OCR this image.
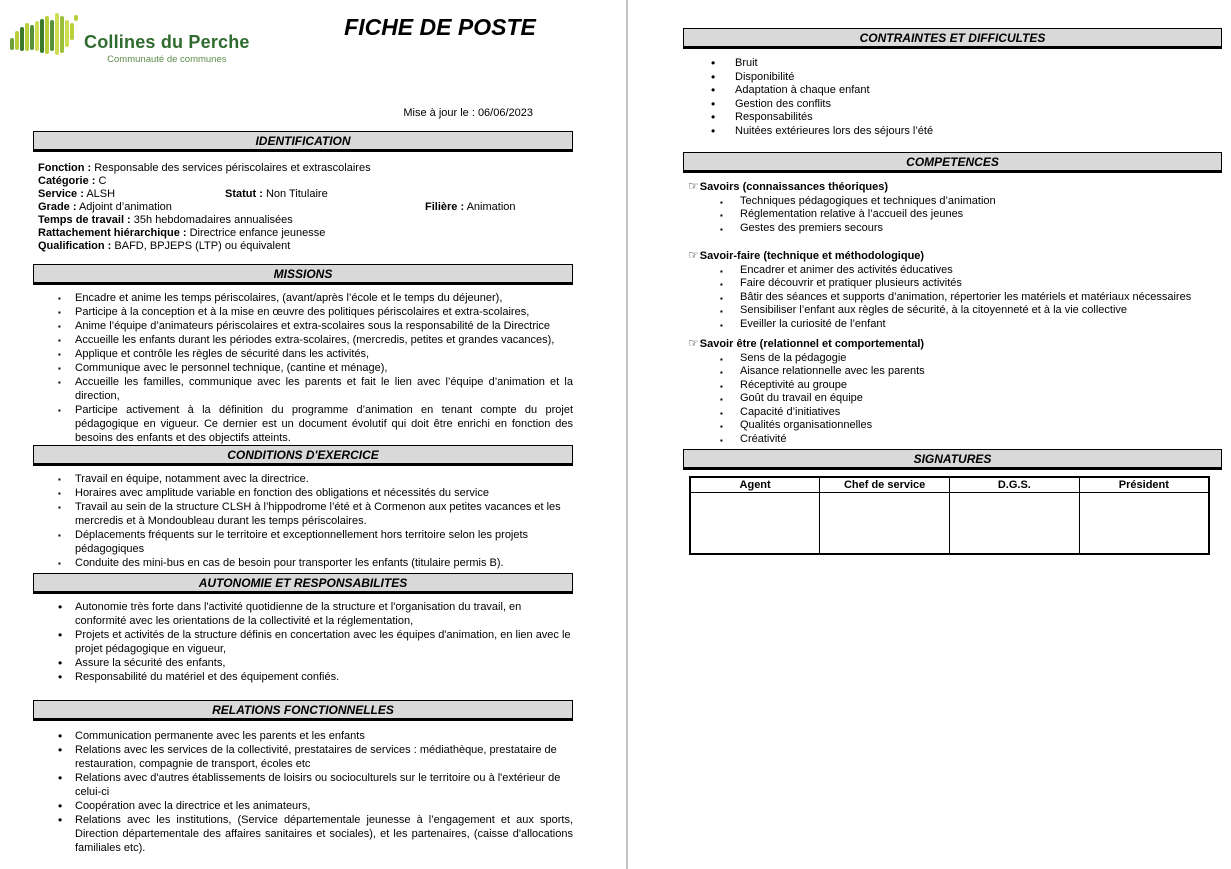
Collines du Perche
Communauté de communes
FICHE DE POSTE
Mise à jour le : 06/06/2023
IDENTIFICATION
Fonction : Responsable des services périscolaires et extrascolaires
Catégorie : C
Service : ALSH	Statut : Non Titulaire
Grade : Adjoint d’animation	Filière : Animation
Temps de travail : 35h hebdomadaires annualisées
Rattachement hiérarchique : Directrice enfance jeunesse
Qualification : BAFD, BPJEPS (LTP) ou équivalent
MISSIONS
▪ Encadre et anime les temps périscolaires, (avant/après l’école et le temps du déjeuner),
▪ Participe à la conception et à la mise en œuvre des politiques périscolaires et extra-scolaires,
▪ Anime l’équipe d’animateurs périscolaires et extra-scolaires sous la responsabilité de la Directrice
▪ Accueille les enfants durant les périodes extra-scolaires, (mercredis, petites et grandes vacances),
▪ Applique et contrôle les règles de sécurité dans les activités,
▪ Communique avec le personnel technique, (cantine et ménage),
▪ Accueille les familles, communique avec les parents et fait le lien avec l’équipe d’animation et la direction,
▪ Participe activement à la définition du programme d’animation en tenant compte du projet pédagogique en vigueur. Ce dernier est un document évolutif qui doit être enrichi en fonction des besoins des enfants et des objectifs atteints.
CONDITIONS D'EXERCICE
▪ Travail en équipe, notamment avec la directrice.
▪ Horaires avec amplitude variable en fonction des obligations et nécessités du service
▪ Travail au sein de la structure CLSH à l’hippodrome l’été et à Cormenon aux petites vacances et les mercredis et à Mondoubleau durant les temps périscolaires.
▪ Déplacements fréquents sur le territoire et exceptionnellement hors territoire selon les projets pédagogiques
▪ Conduite des mini-bus en cas de besoin pour transporter les enfants (titulaire permis B).
AUTONOMIE ET RESPONSABILITES
• Autonomie très forte dans l'activité quotidienne de la structure et l'organisation du travail, en conformité avec les orientations de la collectivité et la réglementation,
• Projets et activités de la structure définis en concertation avec les équipes d'animation, en lien avec le projet pédagogique en vigueur,
• Assure la sécurité des enfants,
• Responsabilité du matériel et des équipement confiés.
RELATIONS FONCTIONNELLES
• Communication permanente avec les parents et les enfants
• Relations avec les services de la collectivité, prestataires de services : médiathèque, prestataire de restauration, compagnie de transport, écoles etc
• Relations avec d'autres établissements de loisirs ou socioculturels sur le territoire ou à l'extérieur de celui-ci
• Coopération avec la directrice et les animateurs,
• Relations avec les institutions, (Service départementale jeunesse à l’engagement et aux sports, Direction départementale des affaires sanitaires et sociales), et les partenaires, (caisse d'allocations familiales etc).
CONTRAINTES ET DIFFICULTES
• Bruit
• Disponibilité
• Adaptation à chaque enfant
• Gestion des conflits
• Responsabilités
• Nuitées extérieures lors des séjours l’été
COMPETENCES
☞Savoirs (connaissances théoriques)
▪ Techniques pédagogiques et techniques d’animation
▪ Réglementation relative à l’accueil des jeunes
▪ Gestes des premiers secours
☞Savoir-faire (technique et méthodologique)
▪ Encadrer et animer des activités éducatives
▪ Faire découvrir et pratiquer plusieurs activités
▪ Bâtir des séances et supports d’animation, répertorier les matériels et matériaux nécessaires
▪ Sensibiliser l’enfant aux règles de sécurité, à la citoyenneté et à la vie collective
▪ Eveiller la curiosité de l’enfant
☞Savoir être (relationnel et comportemental)
▪ Sens de la pédagogie
▪ Aisance relationnelle avec les parents
▪ Réceptivité au groupe
▪ Goût du travail en équipe
▪ Capacité d’initiatives
▪ Qualités organisationnelles
▪ Créativité
SIGNATURES
Agent	Chef de service	D.G.S.	Président
